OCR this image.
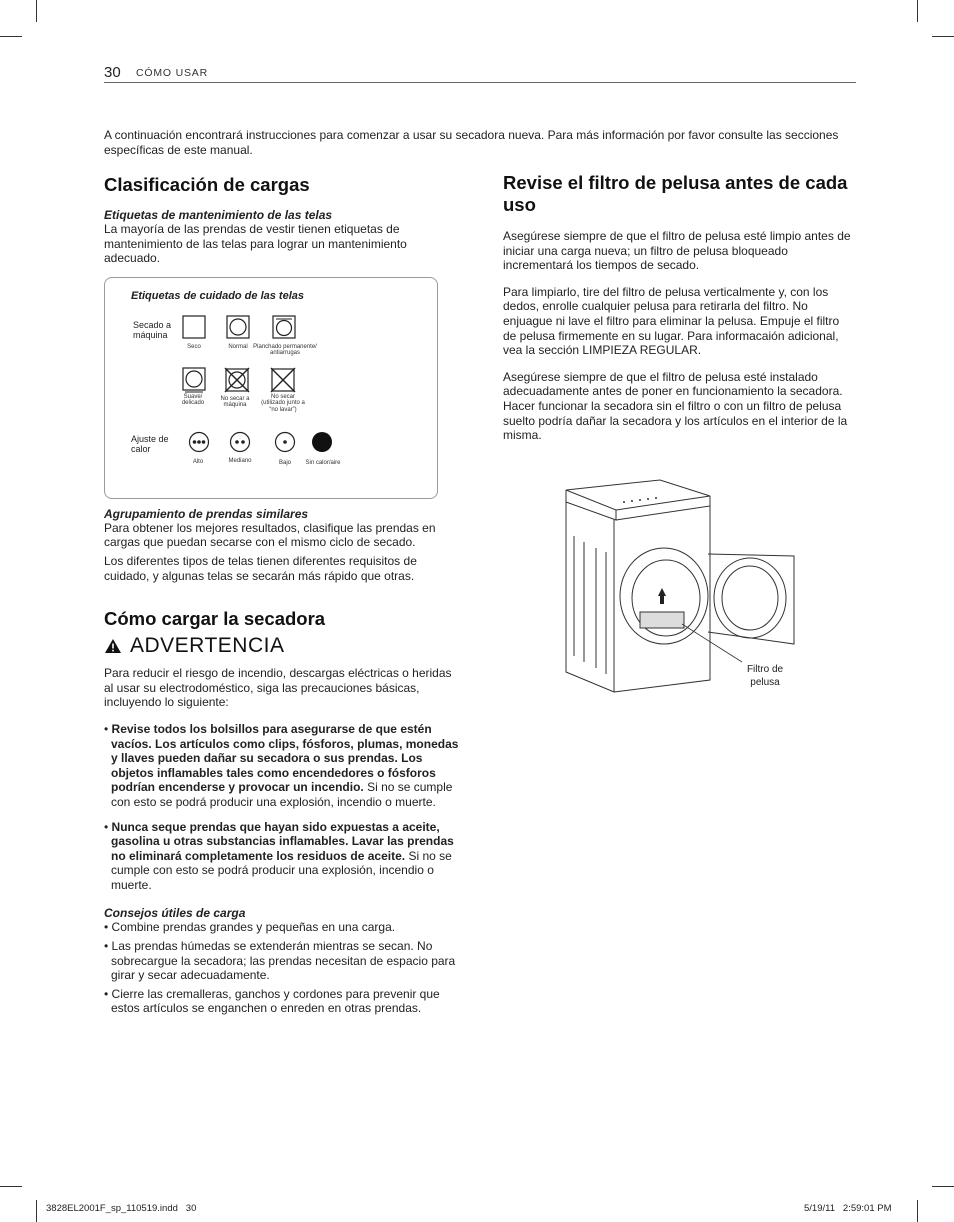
30 CÓMO USAR

A continuación encontrará instrucciones para comenzar a usar su secadora nueva. Para más información por favor consulte las secciones específicas de este manual.

Clasificación de cargas

Etiquetas de mantenimiento de las telas

La mayoría de las prendas de vestir tienen etiquetas de mantenimiento de las telas para lograr un mantenimiento adecuado.

Etiquetas de cuidado de las telas
Secado a máquina
Seco	Normal Planchado permanente/ antiarrugas
Suave/ delicado
No secar a máquina
No secar (utilizado junto a “no lavar”)
Ajuste de calor
Alto	Mediano	Bajo	Sin calor/aire

Agrupamiento de prendas similares

Para obtener los mejores resultados, clasifique las prendas en cargas que puedan secarse con el mismo ciclo de secado.

Los diferentes tipos de telas tienen diferentes requisitos de cuidado, y algunas telas se secarán más rápido que otras.

Cómo cargar la secadora
ADVERTENCIA

Para reducir el riesgo de incendio, descargas eléctricas o heridas al usar su electrodoméstico, siga las precauciones básicas, incluyendo lo siguiente:

• Revise todos los bolsillos para asegurarse de que estén vacíos. Los artículos como clips, fósforos, plumas, monedas y llaves pueden dañar su secadora o sus prendas. Los objetos inflamables tales como encendedores o fósforos podrían encenderse y provocar un incendio. Si no se cumple con esto se podrá producir una explosión, incendio o muerte.

• Nunca seque prendas que hayan sido expuestas a aceite, gasolina u otras substancias inflamables. Lavar las prendas no eliminará completamente los residuos de aceite. Si no se cumple con esto se podrá producir una explosión, incendio o muerte.

Consejos útiles de carga

• Combine prendas grandes y pequeñas en una carga.

• Las prendas húmedas se extenderán mientras se secan. No sobrecargue la secadora; las prendas necesitan de espacio para girar y secar adecuadamente.

• Cierre las cremalleras, ganchos y cordones para prevenir que estos artículos se enganchen o enreden en otras prendas.

Revise el filtro de pelusa antes de cada uso

Asegúrese siempre de que el filtro de pelusa esté limpio antes de iniciar una carga nueva; un filtro de pelusa bloqueado incrementará los tiempos de secado.

Para limpiarlo, tire del filtro de pelusa verticalmente y, con los dedos, enrolle cualquier pelusa para retirarla del filtro. No enjuague ni lave el filtro para eliminar la pelusa. Empuje el filtro de pelusa firmemente en su lugar. Para informacaión adicional, vea la sección LIMPIEZA REGULAR.

Asegúrese siempre de que el filtro de pelusa esté instalado adecuadamente antes de poner en funcionamiento la secadora. Hacer funcionar la secadora sin el filtro o con un filtro de pelusa suelto podría dañar la secadora y los artículos en el interior de la misma.

Filtro de pelusa
3828EL2001F_sp_110519.indd   30	5/19/11   2:59:01 PM
